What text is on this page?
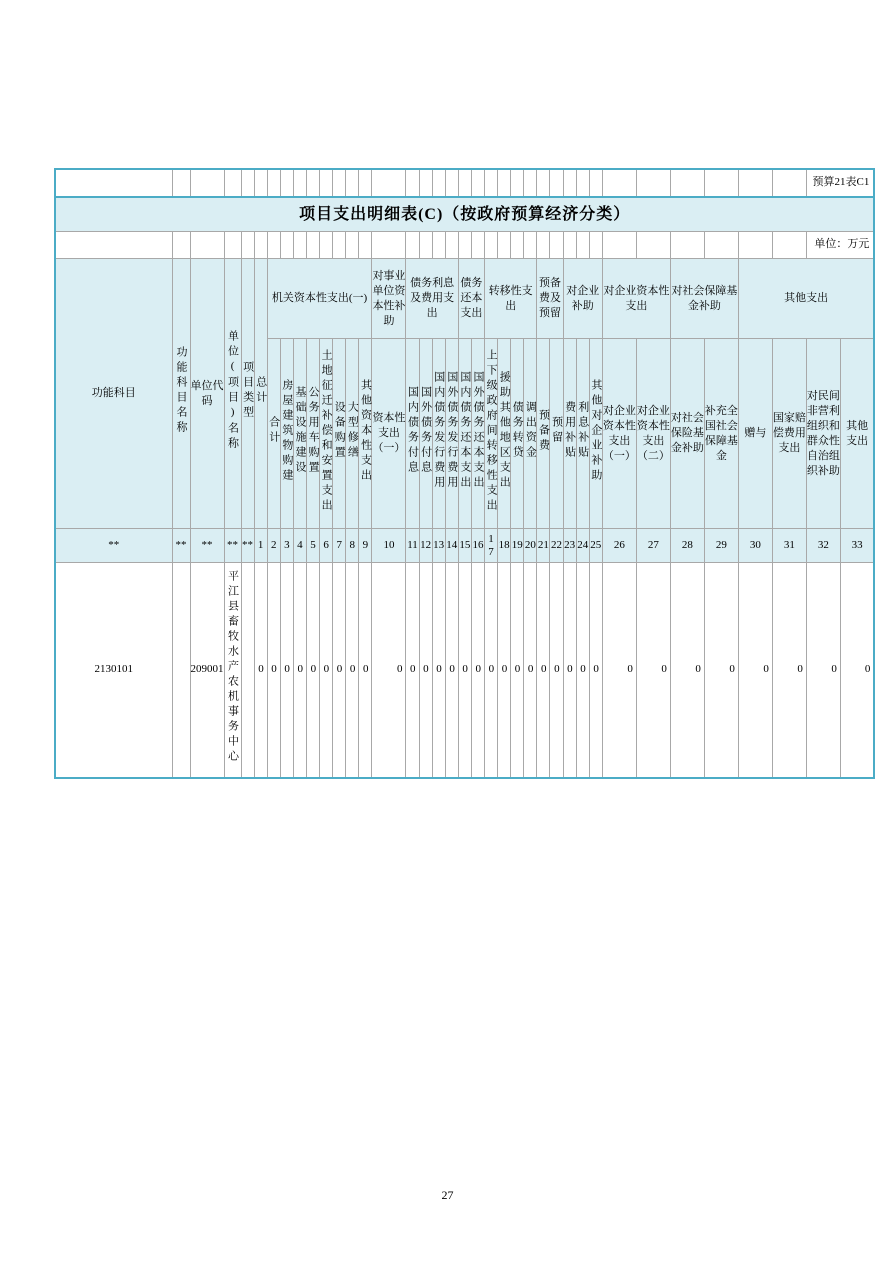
																																				预算21表C1	
项目支出明细表(C)（按政府预算经济分类）																																					
																																				单位：万元	
功能科目	功能科目名称	单位代码	单位(项目)名称	项目类型	总计	机关资本性支出(一)								对事业单位资本性补助	债务利息及费用支出				债务还本支出		转移性支出				预备费及预留		对企业补助			对企业资本性支出		对社会保障基金补助		其他支出			
						合计	房屋建筑物购建	基础设施建设	公务用车购置	土地征迁补偿和安置支出	设备购置	大型修缮	其他资本性支出	资本性支出（一）	国内债务付息	国外债务付息	国内债务发行费用	国外债务发行费用	国内债务还本支出	国外债务还本支出	上下级政府间转移性支出	援助其他地区支出	债务转贷	调出资金	预备费	预留	费用补贴	利息补贴	其他对企业补助	对企业资本性支出（一）	对企业资本性支出（二）	对社会保险基金补助	补充全国社会保障基金	赠与	国家赔偿费用支出	对民间非营利组织和群众性自治组织补助	其他支出
**	**	**	**	**	1	2	3	4	5	6	7	8	9	10	11	12	13	14	15	16	17	18	19	20	21	22	23	24	25	26	27	28	29	30	31	32	33
2130101		209001	平江县畜牧水产农机事务中心		0	0	0	0	0	0	0	0	0	0	0	0	0	0	0	0	0	0	0	0	0	0	0	0	0	0	0	0	0	0	0	0	0
27
